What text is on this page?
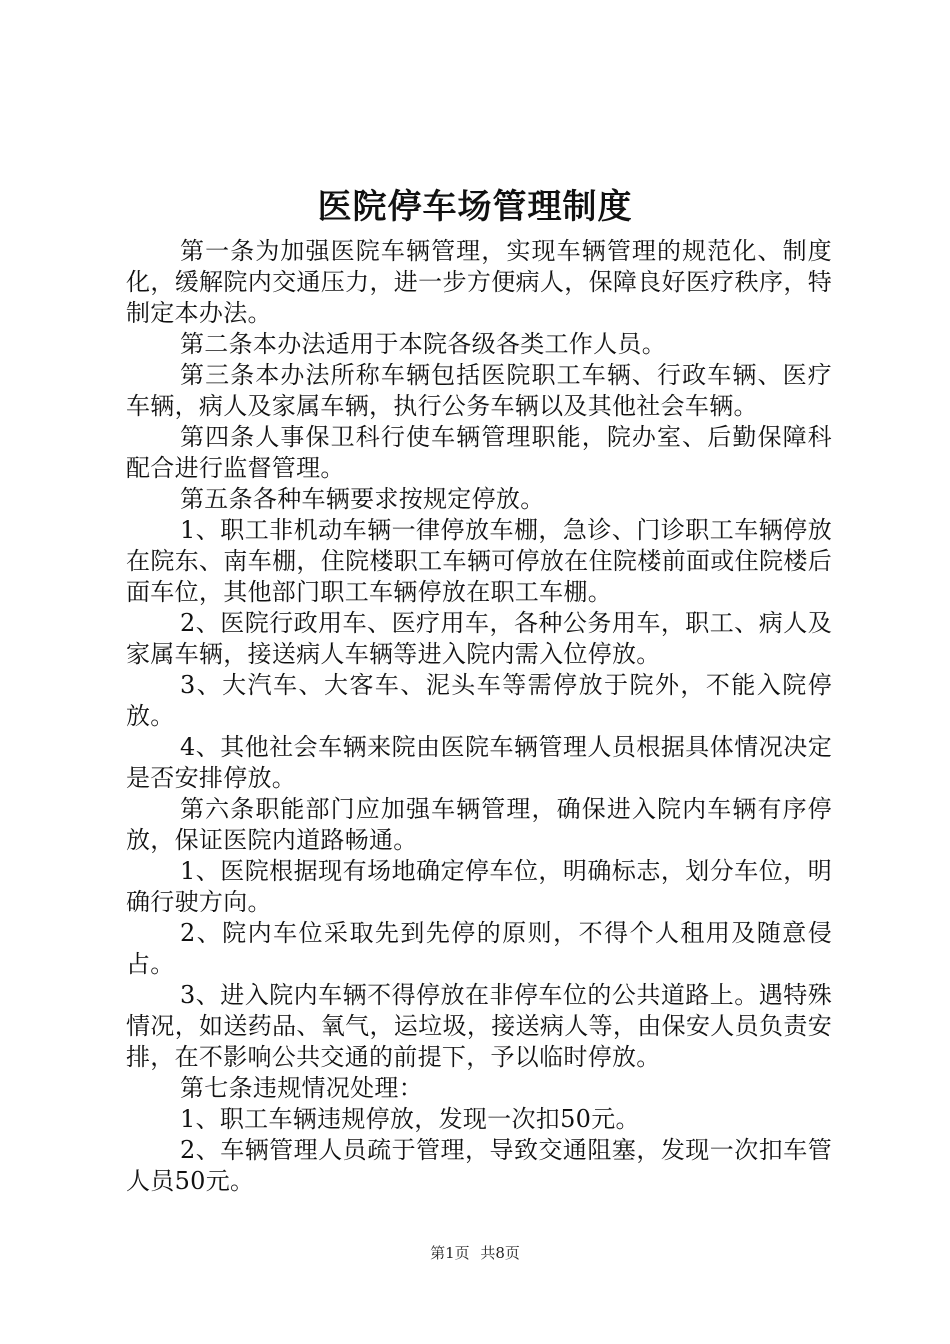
医院停车场管理制度

第一条为加强医院车辆管理，实现车辆管理的规范化、制度化，缓解院内交通压力，进一步方便病人，保障良好医疗秩序，特制定本办法。

第二条本办法适用于本院各级各类工作人员。

第三条本办法所称车辆包括医院职工车辆、行政车辆、医疗车辆，病人及家属车辆，执行公务车辆以及其他社会车辆。

第四条人事保卫科行使车辆管理职能，院办室、后勤保障科配合进行监督管理。

第五条各种车辆要求按规定停放。

1、职工非机动车辆一律停放车棚，急诊、门诊职工车辆停放在院东、南车棚，住院楼职工车辆可停放在住院楼前面或住院楼后面车位，其他部门职工车辆停放在职工车棚。

2、医院行政用车、医疗用车，各种公务用车，职工、病人及家属车辆，接送病人车辆等进入院内需入位停放。

3、大汽车、大客车、泥头车等需停放于院外，不能入院停放。

4、其他社会车辆来院由医院车辆管理人员根据具体情况决定是否安排停放。

第六条职能部门应加强车辆管理，确保进入院内车辆有序停放，保证医院内道路畅通。

1、医院根据现有场地确定停车位，明确标志，划分车位，明确行驶方向。

2、院内车位采取先到先停的原则，不得个人租用及随意侵占。

3、进入院内车辆不得停放在非停车位的公共道路上。遇特殊情况，如送药品、氧气，运垃圾，接送病人等，由保安人员负责安排，在不影响公共交通的前提下，予以临时停放。

第七条违规情况处理：

1、职工车辆违规停放，发现一次扣50元。

2、车辆管理人员疏于管理，导致交通阻塞，发现一次扣车管人员50元。

第1页 共8页
